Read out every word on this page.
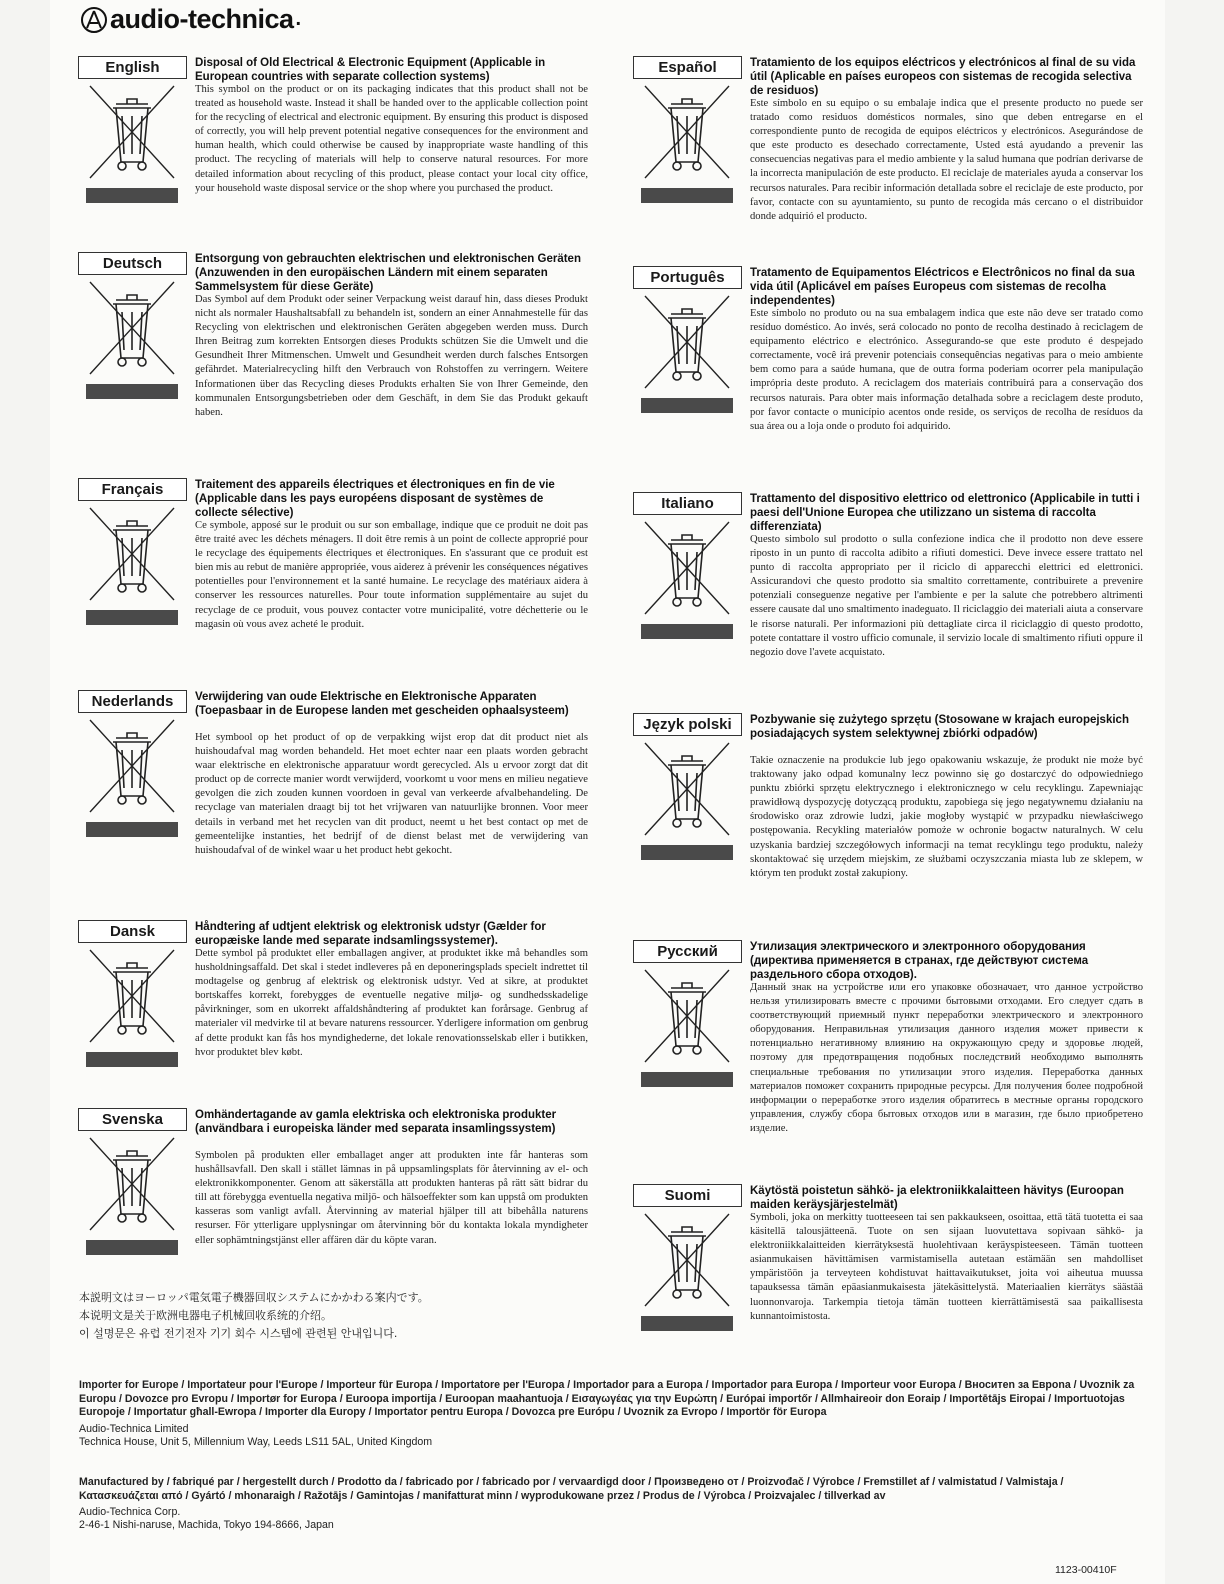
audio-technica .
English	Disposal of Old Electrical & Electronic Equipment (Applicable in European countries with separate collection systems)
This symbol on the product or on its packaging indicates that this product shall not be treated as household waste. Instead it shall be handed over to the applicable collection point for the recycling of electrical and electronic equipment. By ensuring this product is disposed of correctly, you will help prevent potential negative consequences for the environment and human health, which could otherwise be caused by inappropriate waste handling of this product. The recycling of materials will help to conserve natural resources. For more detailed information about recycling of this product, please contact your local city office, your household waste disposal service or the shop where you purchased the product.
Deutsch	Entsorgung von gebrauchten elektrischen und elektronischen Geräten (Anzuwenden in den europäischen Ländern mit einem separaten Sammelsystem für diese Geräte)
Das Symbol auf dem Produkt oder seiner Verpackung weist darauf hin, dass dieses Produkt nicht als normaler Haushaltsabfall zu behandeln ist, sondern an einer Annahmestelle für das Recycling von elektrischen und elektronischen Geräten abgegeben werden muss. Durch Ihren Beitrag zum korrekten Entsorgen dieses Produkts schützen Sie die Umwelt und die Gesundheit Ihrer Mitmenschen. Umwelt und Gesundheit werden durch falsches Entsorgen gefährdet. Materialrecycling hilft den Verbrauch von Rohstoffen zu verringern. Weitere Informationen über das Recycling dieses Produkts erhalten Sie von Ihrer Gemeinde, den kommunalen Entsorgungsbetrieben oder dem Geschäft, in dem Sie das Produkt gekauft haben.
Français	Traitement des appareils électriques et électroniques en fin de vie (Applicable dans les pays européens disposant de systèmes de collecte sélective)
Ce symbole, apposé sur le produit ou sur son emballage, indique que ce produit ne doit pas être traité avec les déchets ménagers. Il doit être remis à un point de collecte approprié pour le recyclage des équipements électriques et électroniques. En s'assurant que ce produit est bien mis au rebut de manière appropriée, vous aiderez à prévenir les conséquences négatives potentielles pour l'environnement et la santé humaine. Le recyclage des matériaux aidera à conserver les ressources naturelles. Pour toute information supplémentaire au sujet du recyclage de ce produit, vous pouvez contacter votre municipalité, votre déchetterie ou le magasin où vous avez acheté le produit.
Nederlands	Verwijdering van oude Elektrische en Elektronische Apparaten (Toepasbaar in de Europese landen met gescheiden ophaalsysteem)
Het symbool op het product of op de verpakking wijst erop dat dit product niet als huishoudafval mag worden behandeld. Het moet echter naar een plaats worden gebracht waar elektrische en elektronische apparatuur wordt gerecycled. Als u ervoor zorgt dat dit product op de correcte manier wordt verwijderd, voorkomt u voor mens en milieu negatieve gevolgen die zich zouden kunnen voordoen in geval van verkeerde afvalbehandeling. De recyclage van materialen draagt bij tot het vrijwaren van natuurlijke bronnen. Voor meer details in verband met het recyclen van dit product, neemt u het best contact op met de gemeentelijke instanties, het bedrijf of de dienst belast met de verwijdering van huishoudafval of de winkel waar u het product hebt gekocht.
Dansk	Håndtering af udtjent elektrisk og elektronisk udstyr (Gælder for europæiske lande med separate indsamlingssystemer).
Dette symbol på produktet eller emballagen angiver, at produktet ikke må behandles som husholdningsaffald. Det skal i stedet indleveres på en deponeringsplads specielt indrettet til modtagelse og genbrug af elektrisk og elektronisk udstyr. Ved at sikre, at produktet bortskaffes korrekt, forebygges de eventuelle negative miljø- og sundhedsskadelige påvirkninger, som en ukorrekt affaldshåndtering af produktet kan forårsage. Genbrug af materialer vil medvirke til at bevare naturens ressourcer. Yderligere information om genbrug af dette produkt kan fås hos myndighederne, det lokale renovationsselskab eller i butikken, hvor produktet blev købt.
Svenska	Omhändertagande av gamla elektriska och elektroniska produkter (användbara i europeiska länder med separata insamlingssystem)
Symbolen på produkten eller emballaget anger att produkten inte får hanteras som hushållsavfall. Den skall i stället lämnas in på uppsamlingsplats för återvinning av el- och elektronikkomponenter. Genom att säkerställa att produkten hanteras på rätt sätt bidrar du till att förebygga eventuella negativa miljö- och hälsoeffekter som kan uppstå om produkten kasseras som vanligt avfall. Återvinning av material hjälper till att bibehålla naturens resurser. För ytterligare upplysningar om återvinning bör du kontakta lokala myndigheter eller sophämtningstjänst eller affären där du köpte varan.
Español	Tratamiento de los equipos eléctricos y electrónicos al final de su vida útil (Aplicable en países europeos con sistemas de recogida selectiva de residuos)
Este símbolo en su equipo o su embalaje indica que el presente producto no puede ser tratado como residuos domésticos normales, sino que deben entregarse en el correspondiente punto de recogida de equipos eléctricos y electrónicos. Asegurándose de que este producto es desechado correctamente, Usted está ayudando a prevenir las consecuencias negativas para el medio ambiente y la salud humana que podrían derivarse de la incorrecta manipulación de este producto. El reciclaje de materiales ayuda a conservar los recursos naturales. Para recibir información detallada sobre el reciclaje de este producto, por favor, contacte con su ayuntamiento, su punto de recogida más cercano o el distribuidor donde adquirió el producto.
Português	Tratamento de Equipamentos Eléctricos e Electrônicos no final da sua vida útil (Aplicável em países Europeus com sistemas de recolha independentes)
Este símbolo no produto ou na sua embalagem indica que este não deve ser tratado como resíduo doméstico. Ao invés, será colocado no ponto de recolha destinado à reciclagem de equipamento eléctrico e electrónico. Assegurando-se que este produto é despejado correctamente, você irá prevenir potenciais consequências negativas para o meio ambiente bem como para a saúde humana, que de outra forma poderiam ocorrer pela manipulação imprópria deste produto. A reciclagem dos materiais contribuirá para a conservação dos recursos naturais. Para obter mais informação detalhada sobre a reciclagem deste produto, por favor contacte o município acentos onde reside, os serviços de recolha de resíduos da sua área ou a loja onde o produto foi adquirido.
Italiano	Trattamento del dispositivo elettrico od elettronico (Applicabile in tutti i paesi dell'Unione Europea che utilizzano un sistema di raccolta differenziata)
Questo simbolo sul prodotto o sulla confezione indica che il prodotto non deve essere riposto in un punto di raccolta adibito a rifiuti domestici. Deve invece essere trattato nel punto di raccolta appropriato per il riciclo di apparecchi elettrici ed elettronici. Assicurandovi che questo prodotto sia smaltito correttamente, contribuirete a prevenire potenziali conseguenze negative per l'ambiente e per la salute che potrebbero altrimenti essere causate dal uno smaltimento inadeguato. Il riciclaggio dei materiali aiuta a conservare le risorse naturali. Per informazioni più dettagliate circa il riciclaggio di questo prodotto, potete contattare il vostro ufficio comunale, il servizio locale di smaltimento rifiuti oppure il negozio dove l'avete acquistato.
Język polski	Pozbywanie się zużytego sprzętu (Stosowane w krajach europejskich posiadających system selektywnej zbiórki odpadów)
Takie oznaczenie na produkcie lub jego opakowaniu wskazuje, że produkt nie może być traktowany jako odpad komunalny lecz powinno się go dostarczyć do odpowiedniego punktu zbiórki sprzętu elektrycznego i elektronicznego w celu recyklingu. Zapewniając prawidłową dyspozycję dotyczącą produktu, zapobiega się jego negatywnemu działaniu na środowisko oraz zdrowie ludzi, jakie mogłoby wystąpić w przypadku niewłaściwego postępowania. Recykling materiałów pomoże w ochronie bogactw naturalnych. W celu uzyskania bardziej szczegółowych informacji na temat recyklingu tego produktu, należy skontaktować się urzędem miejskim, ze służbami oczyszczania miasta lub ze sklepem, w którym ten produkt został zakupiony.
Русский	Утилизация электрического и электронного оборудования (директива применяется в странах, где действуют система раздельного сбора отходов).
Данный знак на устройстве или его упаковке обозначает, что данное устройство нельзя утилизировать вместе с прочими бытовыми отходами. Его следует сдать в соответствующий приемный пункт переработки электрического и электронного оборудования. Неправильная утилизация данного изделия может привести к потенциально негативному влиянию на окружающую среду и здоровье людей, поэтому для предотвращения подобных последствий необходимо выполнять специальные требования по утилизации этого изделия. Переработка данных материалов поможет сохранить природные ресурсы. Для получения более подробной информации о переработке этого изделия обратитесь в местные органы городского управления, службу сбора бытовых отходов или в магазин, где было приобретено изделие.
Suomi	Käytöstä poistetun sähkö- ja elektroniikkalaitteen hävitys (Euroopan maiden keräysjärjestelmät)
Symboli, joka on merkitty tuotteeseen tai sen pakkaukseen, osoittaa, että tätä tuotetta ei saa käsitellä talousjätteenä. Tuote on sen sijaan luovutettava sopivaan sähkö- ja elektroniikkalaitteiden kierrätyksestä huolehtivaan keräyspisteeseen. Tämän tuotteen asianmukaisen hävittämisen varmistamisella autetaan estämään sen mahdolliset ympäristöön ja terveyteen kohdistuvat haittavaikutukset, joita voi aiheutua muussa tapauksessa tämän epäasianmukaisesta jätekäsittelystä. Materiaalien kierrätys säästää luonnonvaroja. Tarkempia tietoja tämän tuotteen kierrättämisestä saa paikallisesta kunnantoimistosta.
本説明文はヨーロッパ電気電子機器回収システムにかかわる案内です。
本说明文是关于欧洲电器电子机械回收系统的介绍。
이 설명문은 유럽 전기전자 기기 회수 시스템에 관련된 안내입니다.
Importer for Europe / Importateur pour l'Europe / Importeur für Europa / Importatore per l'Europa / Importador para a Europa / Importador para Europa / Importeur voor Europa / Вноситеn за Евpona / Uvoznik za Europu / Dovozce pro Evropu / Importør for Europa / Euroopa importija / Euroopan maahantuoja / Εισαγωγέας για την Ευρώπη / Európai importőr / Allmhaireoir don Eoraip / Importētājs Eiropai / Importuotojas Europoje / Importatur għall-Ewropa / Importer dla Europy / Importator pentru Europa / Dovozca pre Európu / Uvoznik za Evropo / Importör för Europa
Audio-Technica Limited
Technica House, Unit 5, Millennium Way, Leeds LS11 5AL, United Kingdom
Manufactured by / fabriqué par / hergestellt durch / Prodotto da / fabricado por / fabricado por / vervaardigd door / Произведено от / Proizvođač / Výrobce / Fremstillet af / valmistatud / Valmistaja / Κατασκευάζεται από / Gyártó / mhonaraigh / Ražotājs / Gamintojas / manifatturat minn / wyprodukowane przez / Produs de / Výrobca / Proizvajalec / tillverkad av
Audio-Technica Corp.
2-46-1 Nishi-naruse, Machida, Tokyo 194-8666, Japan
1123-00410F
